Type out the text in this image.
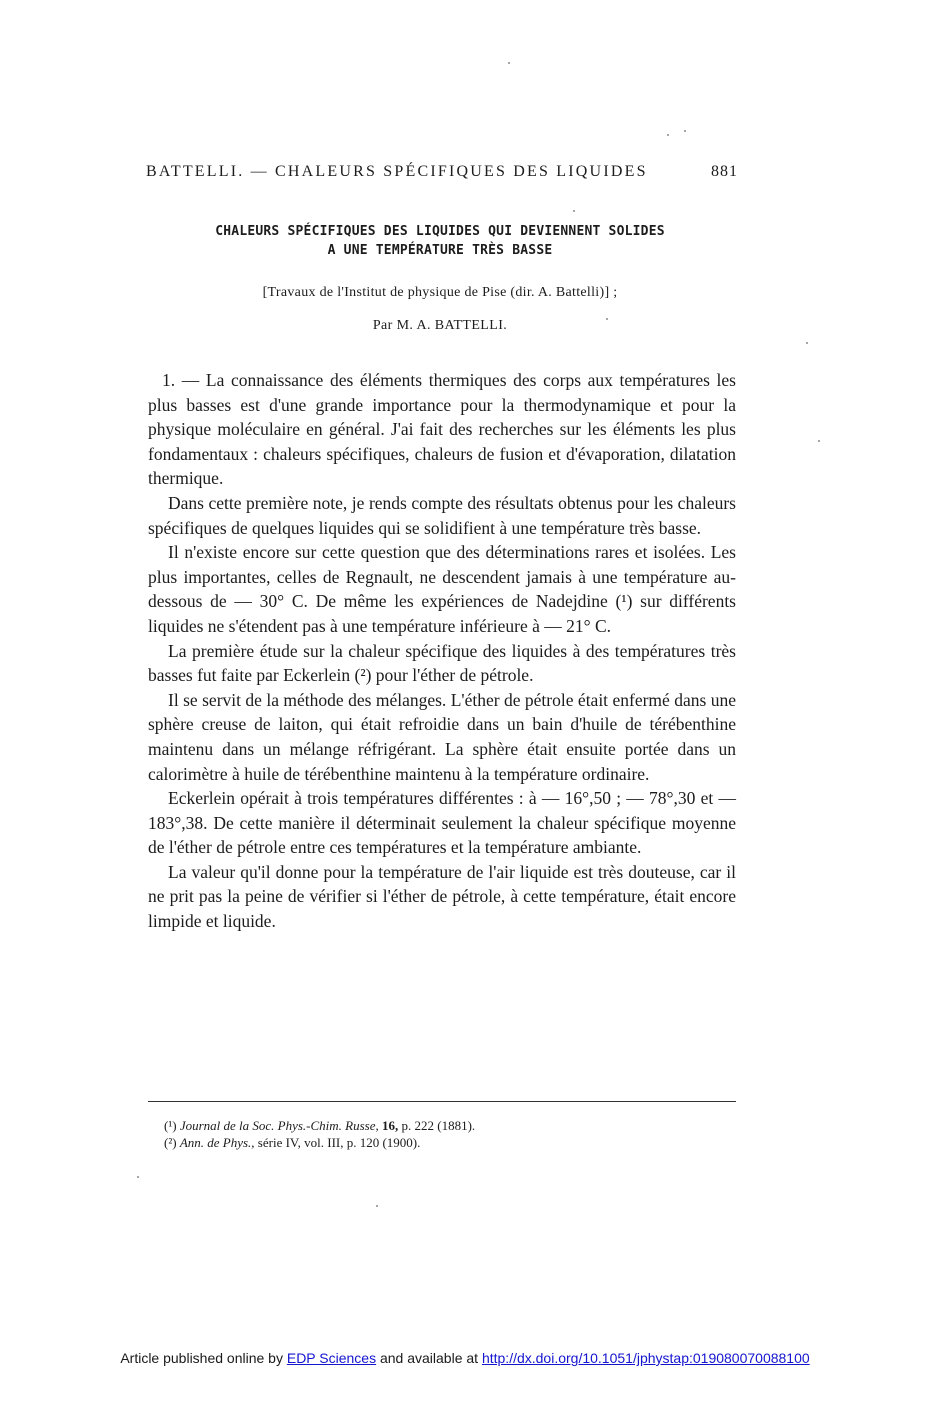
BATTELLI. — CHALEURS SPÉCIFIQUES DES LIQUIDES	881
CHALEURS SPÉCIFIQUES DES LIQUIDES QUI DEVIENNENT SOLIDES
A UNE TEMPÉRATURE TRÈS BASSE
[Travaux de l'Institut de physique de Pise (dir. A. Battelli)] ;
Par M. A. BATTELLI.

1. — La connaissance des éléments thermiques des corps aux températures les plus basses est d'une grande importance pour la thermodynamique et pour la physique moléculaire en général. J'ai fait des recherches sur les éléments les plus fondamentaux : chaleurs spécifiques, chaleurs de fusion et d'évaporation, dilatation thermique.

Dans cette première note, je rends compte des résultats obtenus pour les chaleurs spécifiques de quelques liquides qui se solidifient à une température très basse.

Il n'existe encore sur cette question que des déterminations rares et isolées. Les plus importantes, celles de Regnault, ne descendent jamais à une température au-dessous de — 30° C. De même les expériences de Nadejdine (¹) sur différents liquides ne s'étendent pas à une température inférieure à — 21° C.

La première étude sur la chaleur spécifique des liquides à des températures très basses fut faite par Eckerlein (²) pour l'éther de pétrole.

Il se servit de la méthode des mélanges. L'éther de pétrole était enfermé dans une sphère creuse de laiton, qui était refroidie dans un bain d'huile de térébenthine maintenu dans un mélange réfrigérant. La sphère était ensuite portée dans un calorimètre à huile de térébenthine maintenu à la température ordinaire.

Eckerlein opérait à trois températures différentes : à — 16°,50 ; — 78°,30 et — 183°,38. De cette manière il déterminait seulement la chaleur spécifique moyenne de l'éther de pétrole entre ces températures et la température ambiante.

La valeur qu'il donne pour la température de l'air liquide est très douteuse, car il ne prit pas la peine de vérifier si l'éther de pétrole, à cette température, était encore limpide et liquide.

(¹) Journal de la Soc. Phys.-Chim. Russe, 16, p. 222 (1881).
(²) Ann. de Phys., série IV, vol. III, p. 120 (1900).
Article published online by EDP Sciences and available at http://dx.doi.org/10.1051/jphystap:019080070088100
